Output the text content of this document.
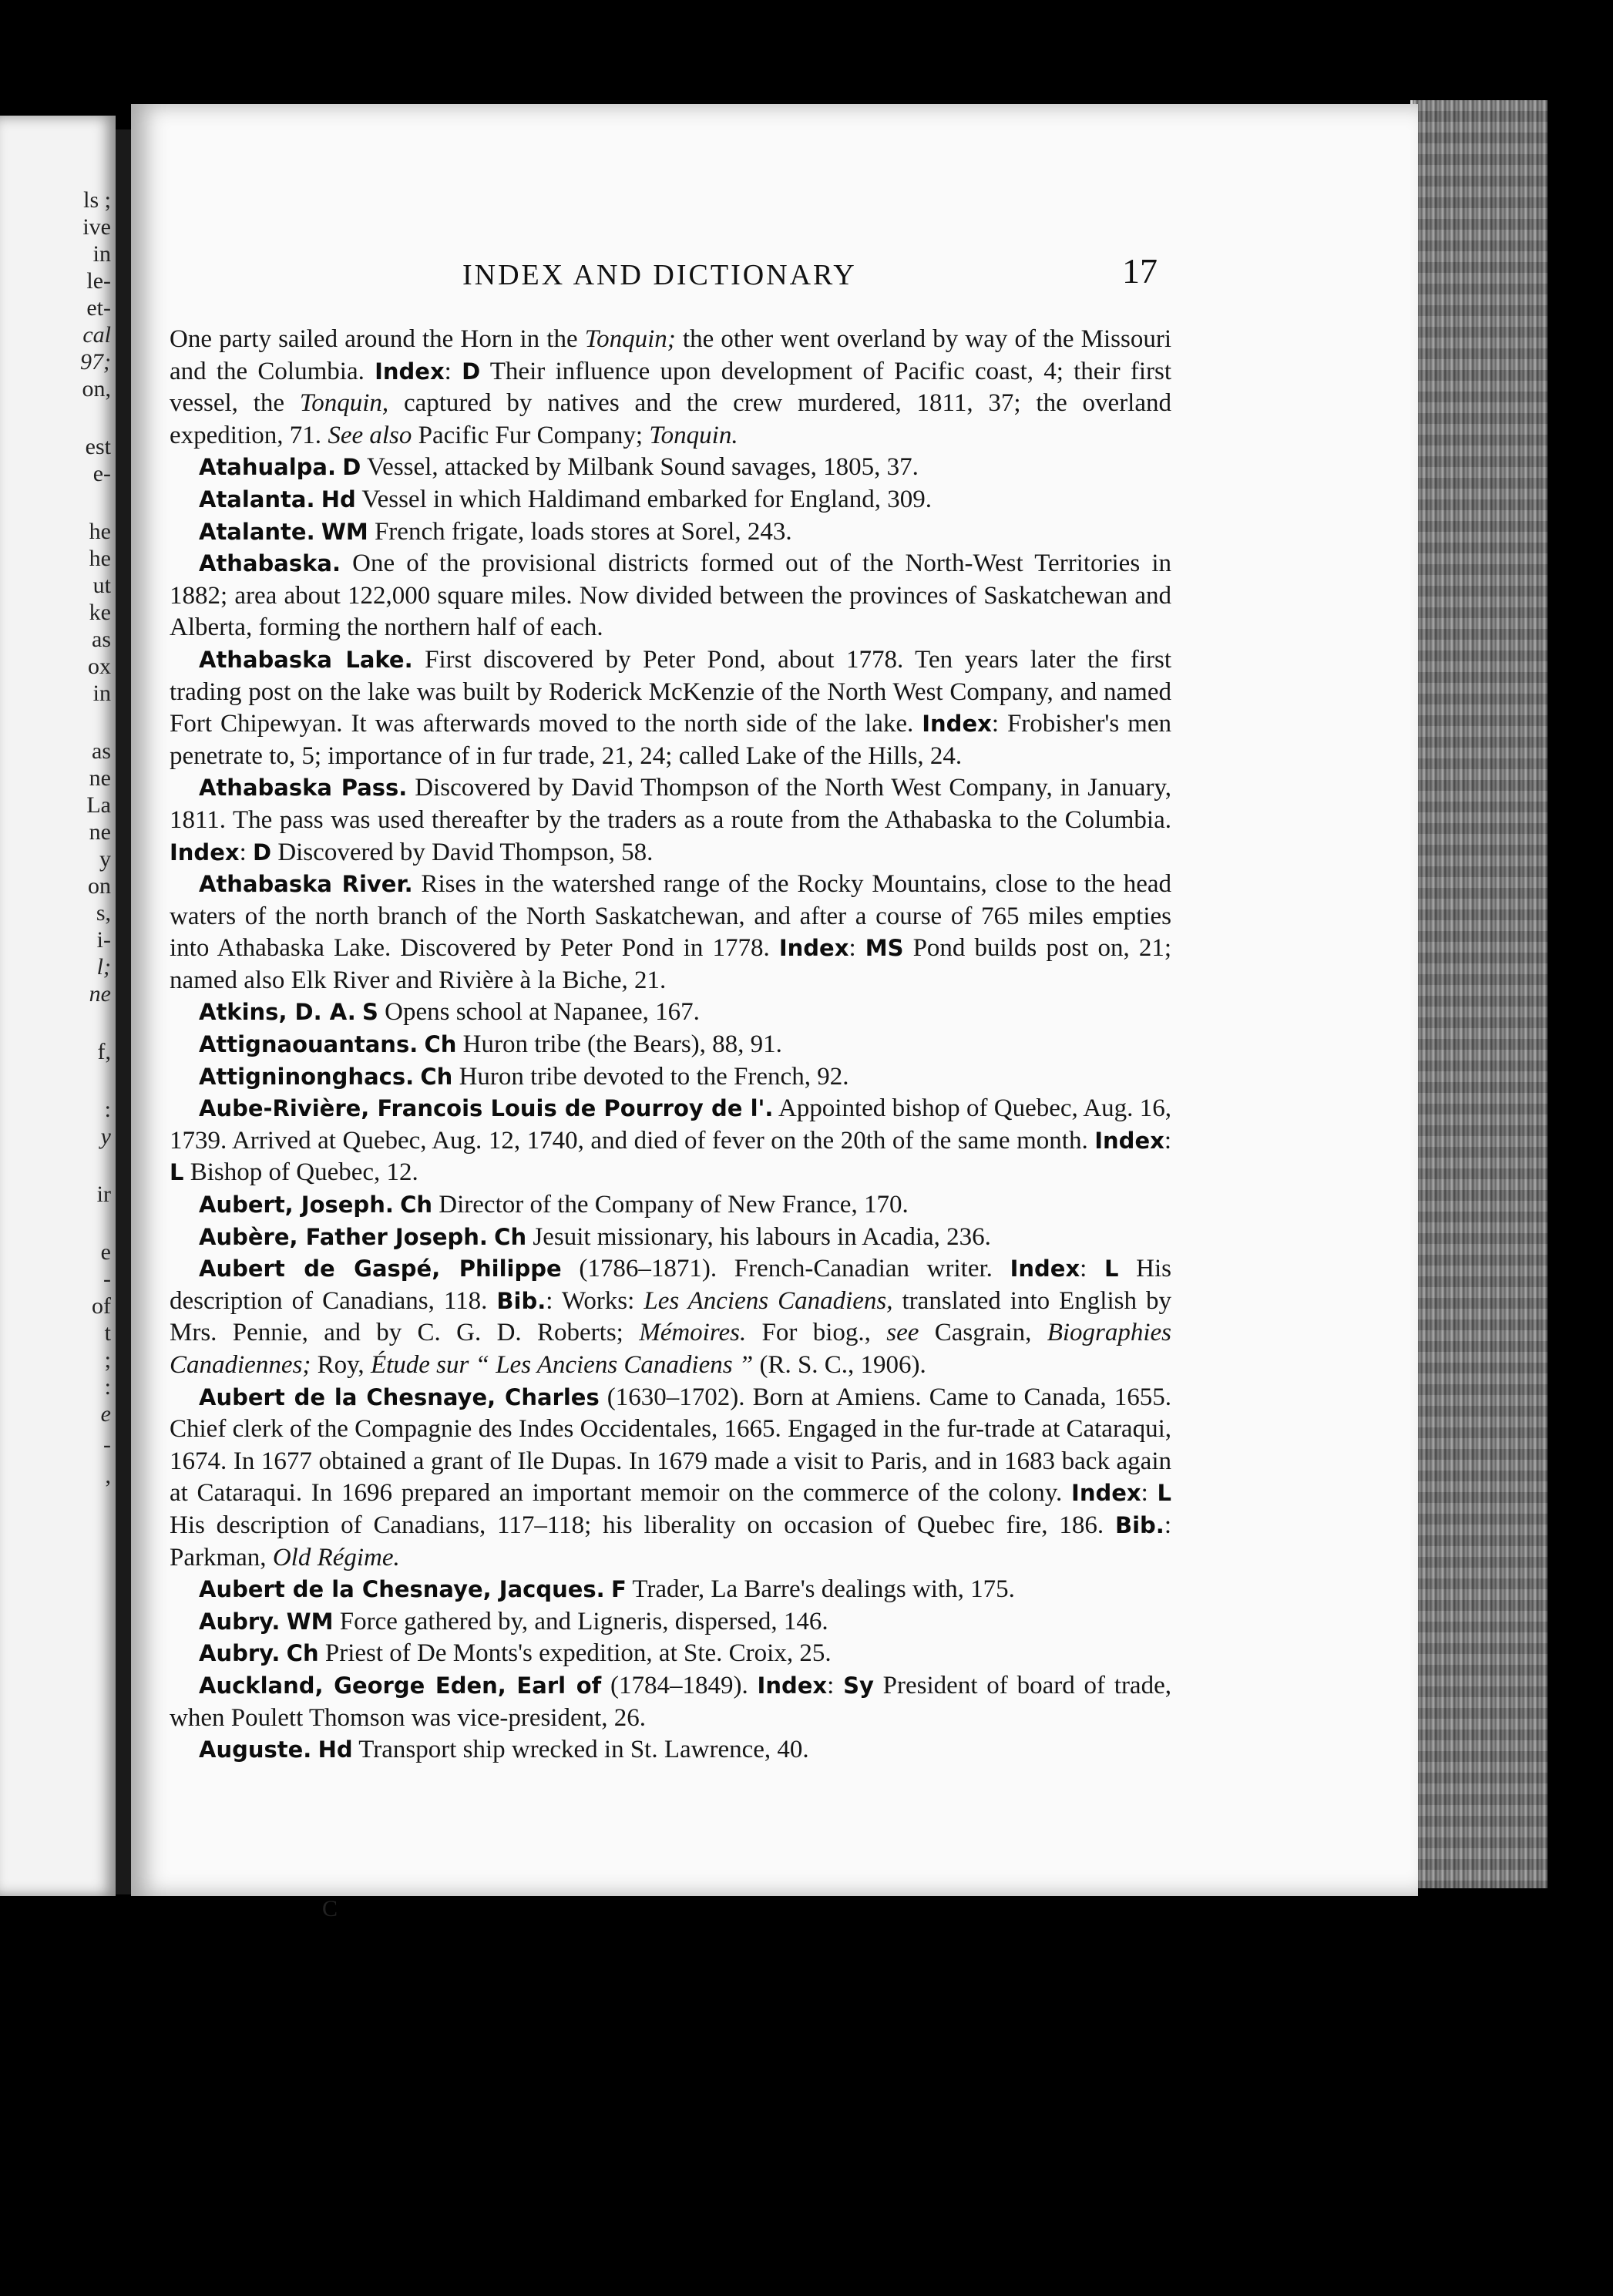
ls ;
ive
in
le-
et-
cal
97;
on,
est
e-
he
he
ut
ke
as
ox
in
as
ne
La
ne
y
on
s,
i-
l;
ne
f,
:
y
ir
e
-
of
t
;
:
e
-
,
INDEX AND DICTIONARY	17

One party sailed around the Horn in the Tonquin; the other went overland by way of the Missouri and the Columbia. Index: D Their influence upon development of Pacific coast, 4; their first vessel, the Tonquin, captured by natives and the crew murdered, 1811, 37; the overland expedition, 71. See also Pacific Fur Company; Tonquin.

Atahualpa. D Vessel, attacked by Milbank Sound savages, 1805, 37.

Atalanta. Hd Vessel in which Haldimand embarked for England, 309.

Atalante. WM French frigate, loads stores at Sorel, 243.

Athabaska. One of the provisional districts formed out of the North-West Territories in 1882; area about 122,000 square miles. Now divided between the provinces of Saskatchewan and Alberta, forming the northern half of each.

Athabaska Lake. First discovered by Peter Pond, about 1778. Ten years later the first trading post on the lake was built by Roderick McKenzie of the North West Company, and named Fort Chipewyan. It was afterwards moved to the north side of the lake. Index: Frobisher's men penetrate to, 5; importance of in fur trade, 21, 24; called Lake of the Hills, 24.

Athabaska Pass. Discovered by David Thompson of the North West Company, in January, 1811. The pass was used thereafter by the traders as a route from the Athabaska to the Columbia. Index: D Discovered by David Thompson, 58.

Athabaska River. Rises in the watershed range of the Rocky Mountains, close to the head waters of the north branch of the North Saskatchewan, and after a course of 765 miles empties into Athabaska Lake. Discovered by Peter Pond in 1778. Index: MS Pond builds post on, 21; named also Elk River and Rivière à la Biche, 21.

Atkins, D. A. S Opens school at Napanee, 167.

Attignaouantans. Ch Huron tribe (the Bears), 88, 91.

Attigninonghacs. Ch Huron tribe devoted to the French, 92.

Aube-Rivière, Francois Louis de Pourroy de l'. Appointed bishop of Quebec, Aug. 16, 1739. Arrived at Quebec, Aug. 12, 1740, and died of fever on the 20th of the same month. Index: L Bishop of Quebec, 12.

Aubert, Joseph. Ch Director of the Company of New France, 170.

Aubère, Father Joseph. Ch Jesuit missionary, his labours in Acadia, 236.

Aubert de Gaspé, Philippe (1786–1871). French-Canadian writer. Index: L His description of Canadians, 118. Bib.: Works: Les Anciens Canadiens, translated into English by Mrs. Pennie, and by C. G. D. Roberts; Mémoires. For biog., see Casgrain, Biographies Canadiennes; Roy, Étude sur “ Les Anciens Canadiens ” (R. S. C., 1906).

Aubert de la Chesnaye, Charles (1630–1702). Born at Amiens. Came to Canada, 1655. Chief clerk of the Compagnie des Indes Occidentales, 1665. Engaged in the fur-trade at Cataraqui, 1674. In 1677 obtained a grant of Ile Dupas. In 1679 made a visit to Paris, and in 1683 back again at Cataraqui. In 1696 prepared an important memoir on the commerce of the colony. Index: L His description of Canadians, 117–118; his liberality on occasion of Quebec fire, 186. Bib.: Parkman, Old Régime.

Aubert de la Chesnaye, Jacques. F Trader, La Barre's dealings with, 175.

Aubry. WM Force gathered by, and Ligneris, dispersed, 146.

Aubry. Ch Priest of De Monts's expedition, at Ste. Croix, 25.

Auckland, George Eden, Earl of (1784–1849). Index: Sy President of board of trade, when Poulett Thomson was vice-president, 26.

Auguste. Hd Transport ship wrecked in St. Lawrence, 40.

C
